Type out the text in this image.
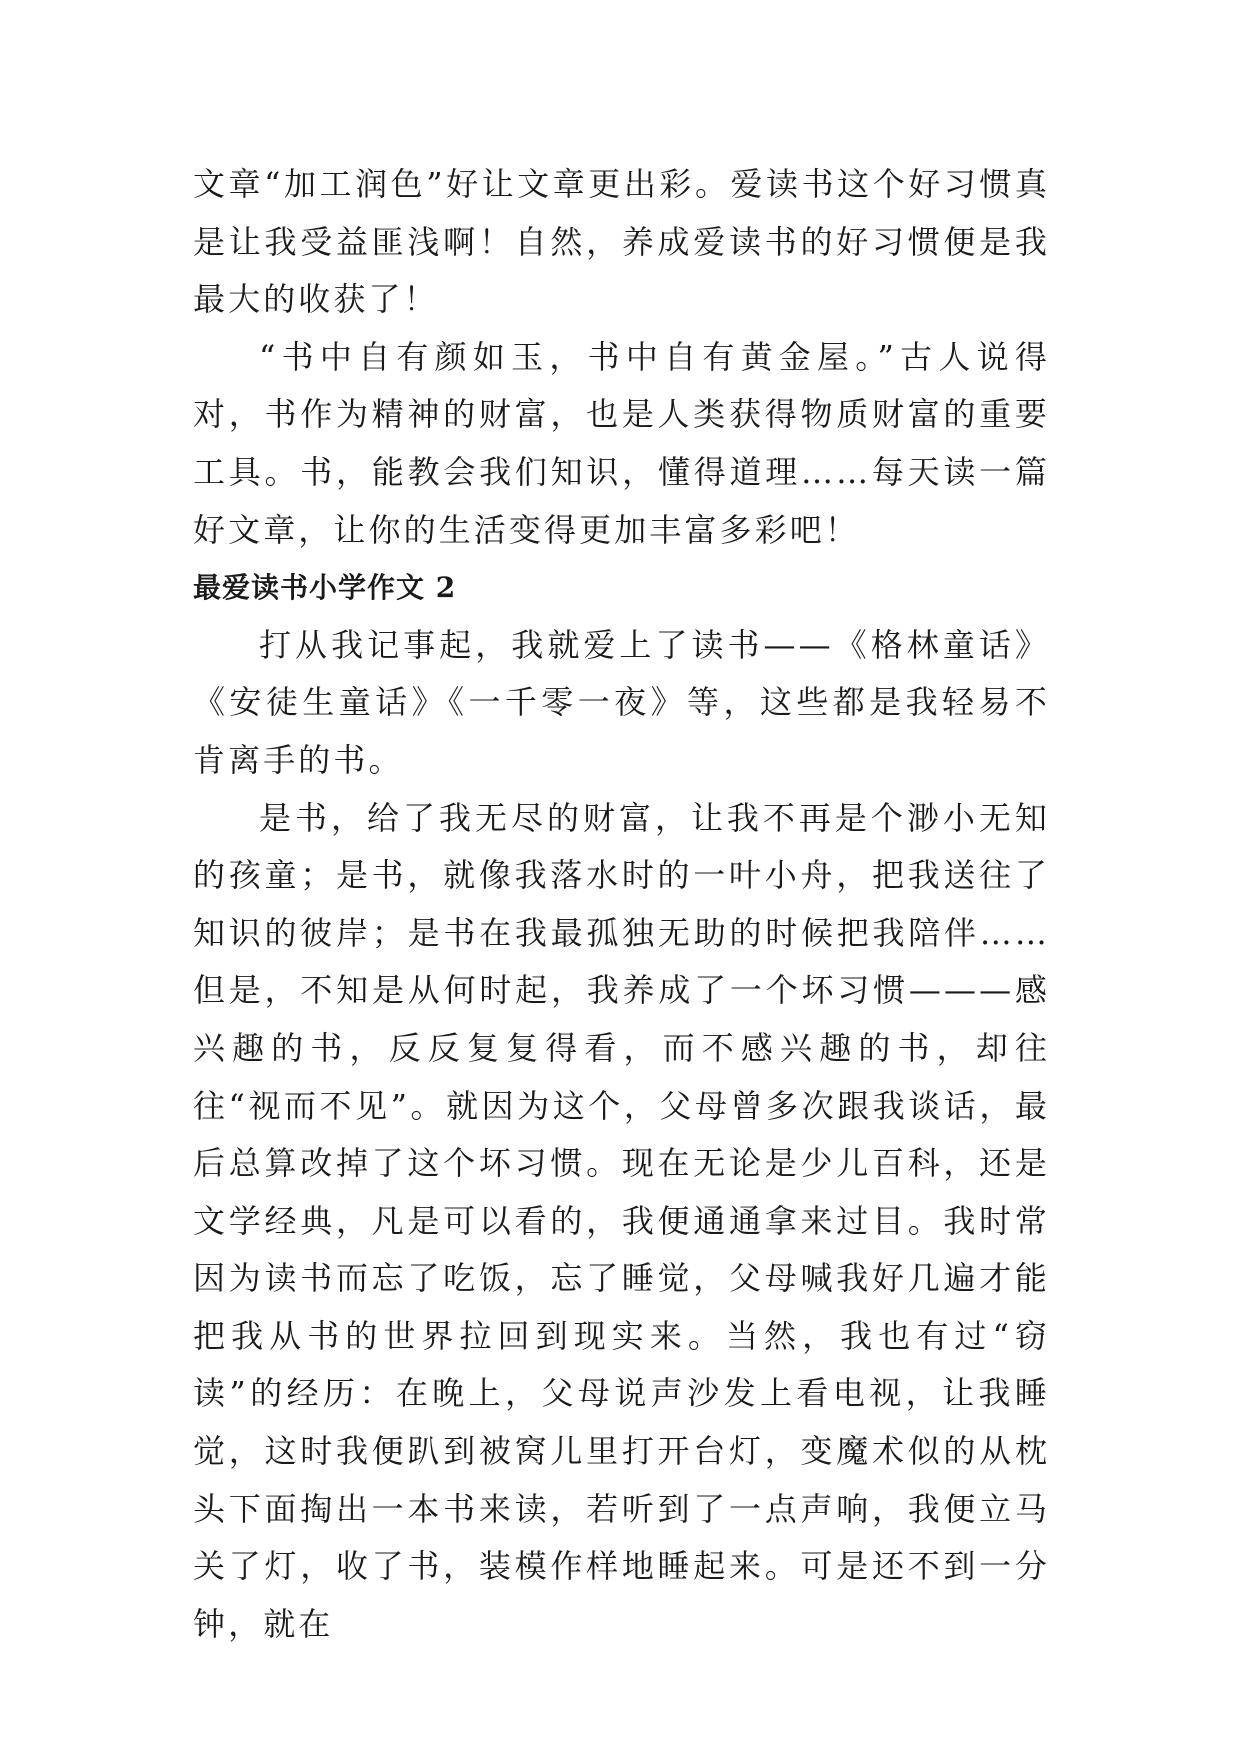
文章“加工润色”好让文章更出彩。爱读书这个好习惯真是让我受益匪浅啊！自然，养成爱读书的好习惯便是我最大的收获了！

“书中自有颜如玉，书中自有黄金屋。”古人说得对，书作为精神的财富，也是人类获得物质财富的重要工具。书，能教会我们知识，懂得道理……每天读一篇好文章，让你的生活变得更加丰富多彩吧！

最爱读书小学作文 2

打从我记事起，我就爱上了读书——《格林童话》《安徒生童话》《一千零一夜》等，这些都是我轻易不肯离手的书。

是书，给了我无尽的财富，让我不再是个渺小无知的孩童；是书，就像我落水时的一叶小舟，把我送往了知识的彼岸；是书在我最孤独无助的时候把我陪伴……但是，不知是从何时起，我养成了一个坏习惯———感兴趣的书，反反复复得看，而不感兴趣的书，却往往“视而不见”。就因为这个，父母曾多次跟我谈话，最后总算改掉了这个坏习惯。现在无论是少儿百科，还是文学经典，凡是可以看的，我便通通拿来过目。我时常因为读书而忘了吃饭，忘了睡觉，父母喊我好几遍才能把我从书的世界拉回到现实来。当然，我也有过“窃读”的经历：在晚上，父母说声沙发上看电视，让我睡觉，这时我便趴到被窝儿里打开台灯，变魔术似的从枕头下面掏出一本书来读，若听到了一点声响，我便立马关了灯，收了书，装模作样地睡起来。可是还不到一分钟，就在
